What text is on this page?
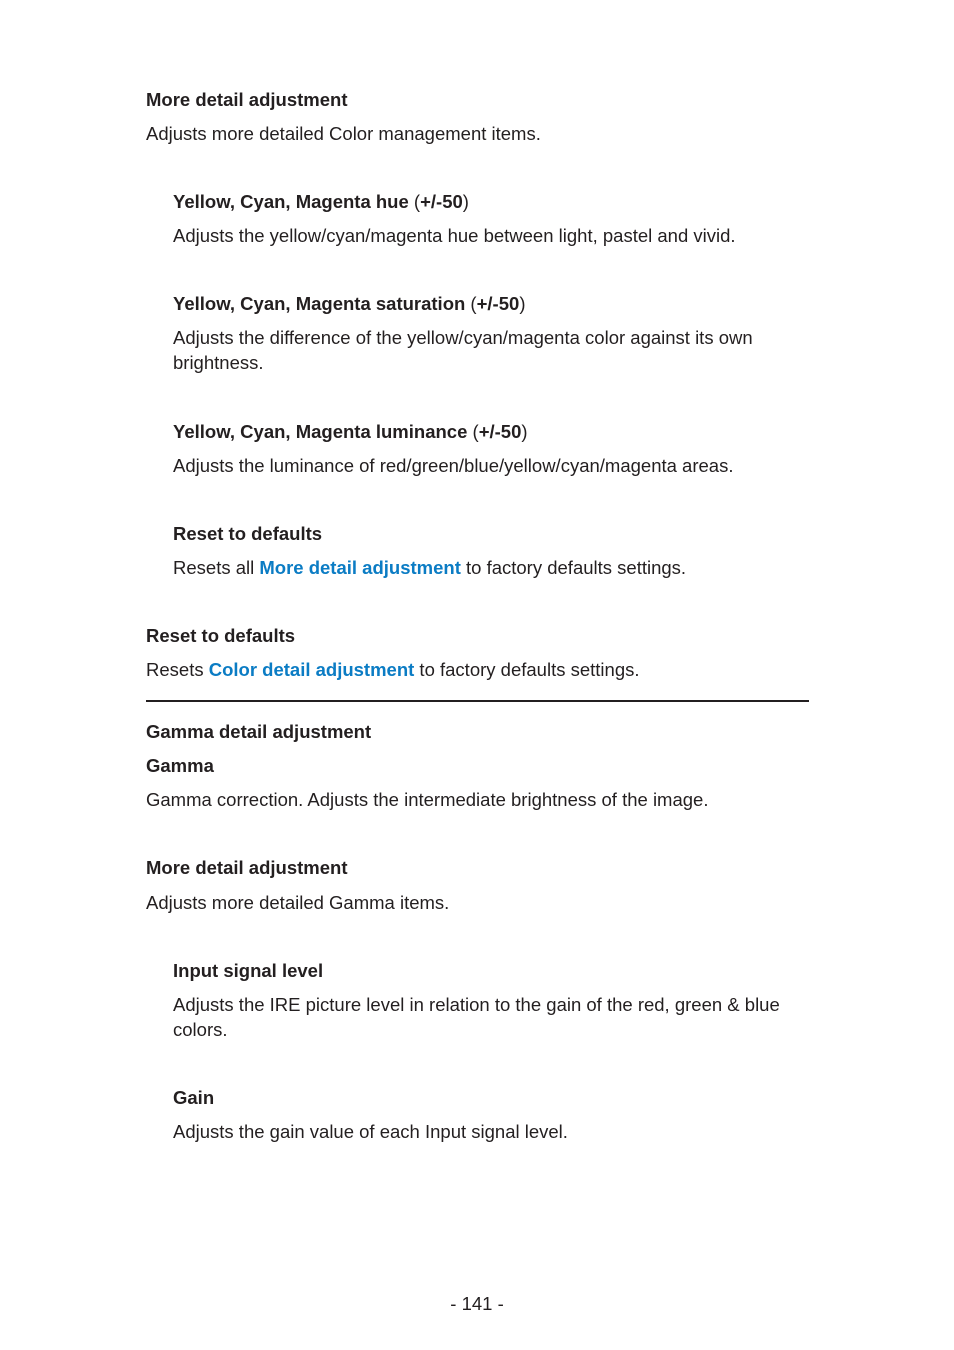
More detail adjustment
Adjusts more detailed Color management items.
Yellow, Cyan, Magenta hue (+/-50)
Adjusts the yellow/cyan/magenta hue between light, pastel and vivid.
Yellow, Cyan, Magenta saturation (+/-50)
Adjusts the difference of the yellow/cyan/magenta color against its own brightness.
Yellow, Cyan, Magenta luminance (+/-50)
Adjusts the luminance of red/green/blue/yellow/cyan/magenta areas.
Reset to defaults
Resets all More detail adjustment to factory defaults settings.
Reset to defaults
Resets Color detail adjustment to factory defaults settings.
Gamma detail adjustment
Gamma
Gamma correction. Adjusts the intermediate brightness of the image.
More detail adjustment
Adjusts more detailed Gamma items.
Input signal level
Adjusts the IRE picture level in relation to the gain of the red, green & blue colors.
Gain
Adjusts the gain value of each Input signal level.
- 141 -
